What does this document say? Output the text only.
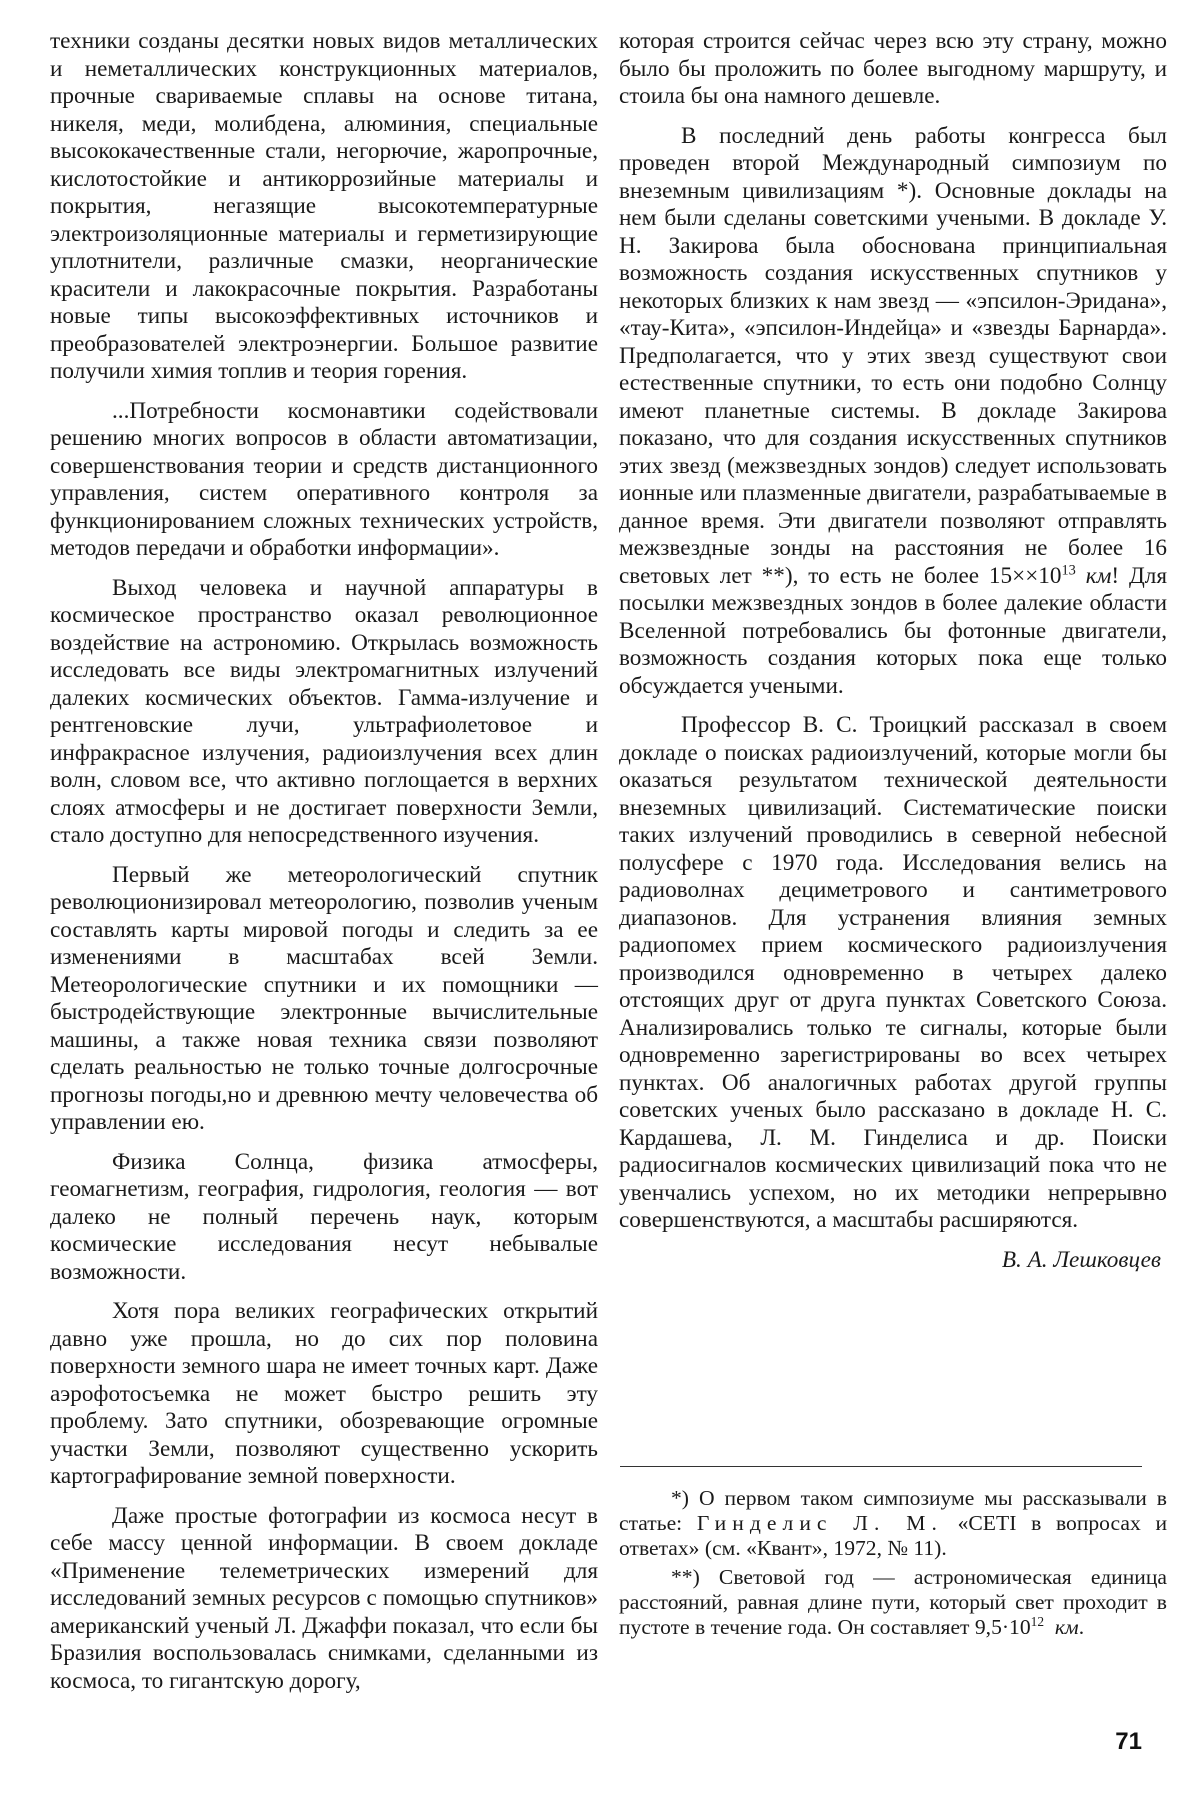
техники созданы десятки новых видов металлических и неметаллических конструкционных материалов, прочные свариваемые сплавы на основе титана, никеля, меди, молибдена, алюминия, специальные высококачественные стали, негорючие, жаропрочные, кислотостойкие и антикоррозийные материалы и покрытия, негазящие высокотемпературные электроизоляционные материалы и герметизирующие уплотнители, различные смазки, неорганические красители и лакокрасочные покрытия. Разработаны новые типы высокоэффективных источников и преобразователей электроэнергии. Большое развитие получили химия топлив и теория горения.

...Потребности космонавтики содействовали решению многих вопросов в области автоматизации, совершенствования теории и средств дистанционного управления, систем оперативного контроля за функционированием сложных технических устройств, методов передачи и обработки информации».

Выход человека и научной аппаратуры в космическое пространство оказал революционное воздействие на астрономию. Открылась возможность исследовать все виды электромагнитных излучений далеких космических объектов. Гамма-излучение и рентгеновские лучи, ультрафиолетовое и инфракрасное излучения, радиоизлучения всех длин волн, словом все, что активно поглощается в верхних слоях атмосферы и не достигает поверхности Земли, стало доступно для непосредственного изучения.

Первый же метеорологический спутник революционизировал метеорологию, позволив ученым составлять карты мировой погоды и следить за ее изменениями в масштабах всей Земли. Метеорологические спутники и их помощники — быстродействующие электронные вычислительные машины, а также новая техника связи позволяют сделать реальностью не только точные долгосрочные прогнозы погоды,но и древнюю мечту человечества об управлении ею.

Физика Солнца, физика атмосферы, геомагнетизм, география, гидрология, геология — вот далеко не полный перечень наук, которым космические исследования несут небывалые возможности.

Хотя пора великих географических открытий давно уже прошла, но до сих пор половина поверхности земного шара не имеет точных карт. Даже аэрофотосъемка не может быстро решить эту проблему. Зато спутники, обозревающие огромные участки Земли, позволяют существенно ускорить картографирование земной поверхности.

Даже простые фотографии из космоса несут в себе массу ценной информации. В своем докладе «Применение телеметрических измерений для исследований земных ресурсов с помощью спутников» американский ученый Л. Джаффи показал, что если бы Бразилия воспользовалась снимками, сделанными из космоса, то гигантскую дорогу,

которая строится сейчас через всю эту страну, можно было бы проложить по более выгодному маршруту, и стоила бы она намного дешевле.

В последний день работы конгресса был проведен второй Международный симпозиум по внеземным цивилизациям *). Основные доклады на нем были сделаны советскими учеными. В докладе У. Н. Закирова была обоснована принципиальная возможность создания искусственных спутников у некоторых близких к нам звезд — «эпсилон-Эридана», «тау-Кита», «эпсилон-Индейца» и «звезды Барнарда». Предполагается, что у этих звезд существуют свои естественные спутники, то есть они подобно Солнцу имеют планетные системы. В докладе Закирова показано, что для создания искусственных спутников этих звезд (межзвездных зондов) следует использовать ионные или плазменные двигатели, разрабатываемые в данное время. Эти двигатели позволяют отправлять межзвездные зонды на расстояния не более 16 световых лет **), то есть не более $15\times\times 10^{13}$ км! Для посылки межзвездных зондов в более далекие области Вселенной потребовались бы фотонные двигатели, возможность создания которых пока еще только обсуждается учеными.

Профессор В. С. Троицкий рассказал в своем докладе о поисках радиоизлучений, которые могли бы оказаться результатом технической деятельности внеземных цивилизаций. Систематические поиски таких излучений проводились в северной небесной полусфере с 1970 года. Исследования велись на радиоволнах дециметрового и сантиметрового диапазонов. Для устранения влияния земных радиопомех прием космического радиоизлучения производился одновременно в четырех далеко отстоящих друг от друга пунктах Советского Союза. Анализировались только те сигналы, которые были одновременно зарегистрированы во всех четырех пунктах. Об аналогичных работах другой группы советских ученых было рассказано в докладе Н. С. Кардашева, Л. М. Гинделиса и др. Поиски радиосигналов космических цивилизаций пока что не увенчались успехом, но их методики непрерывно совершенствуются, а масштабы расширяются.

В. А. Лешковцев

*) О первом таком симпозиуме мы рассказывали в статье: Гинделис Л. М. «CETI в вопросах и ответах» (см. «Квант», 1972, № 11).

**) Световой год — астрономическая единица расстояний, равная длине пути, который свет проходит в пустоте в течение года. Он составляет $9,5\cdot 10^{12}$ км.

71
